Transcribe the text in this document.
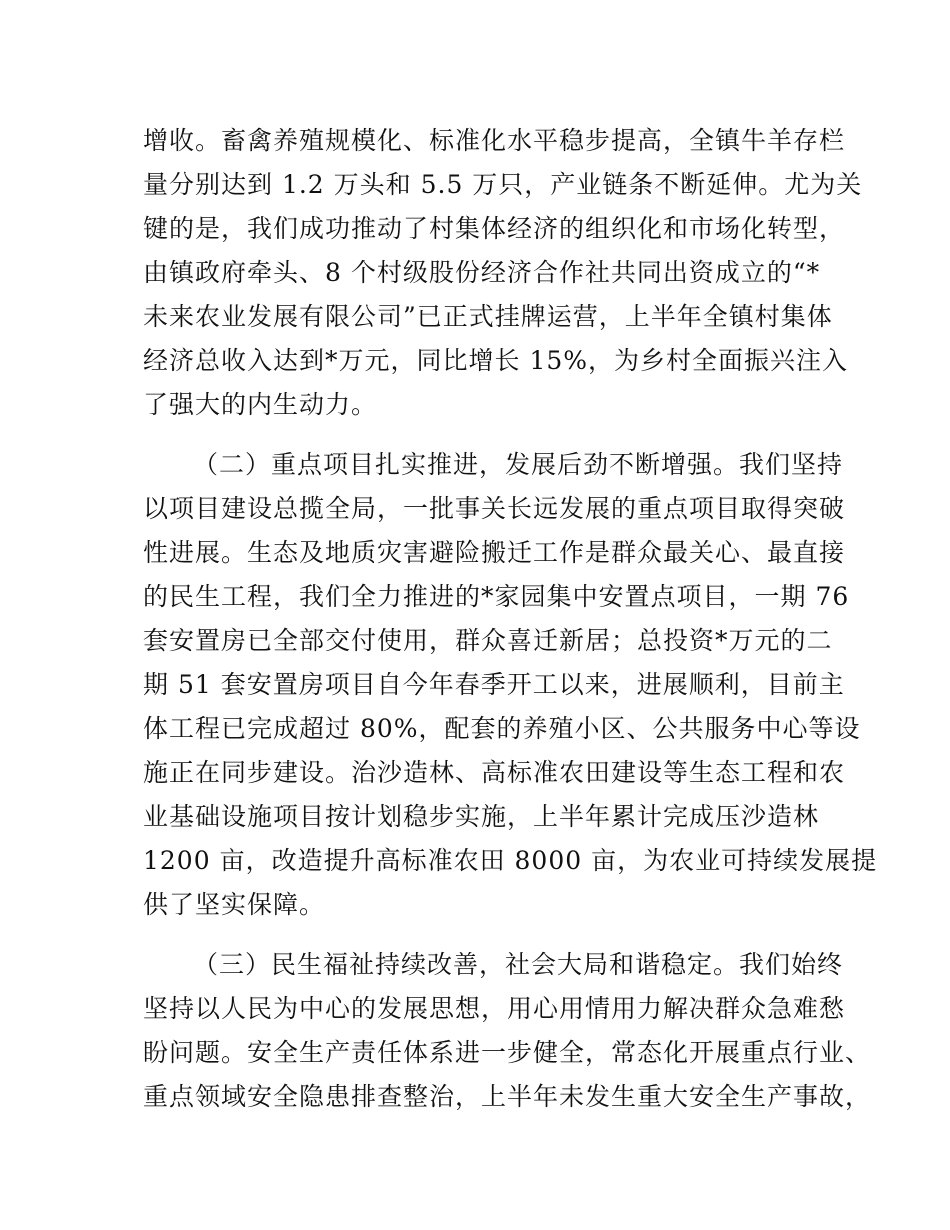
增收。畜禽养殖规模化、标准化水平稳步提高，全镇牛羊存栏
量分别达到 1.2 万头和 5.5 万只，产业链条不断延伸。尤为关
键的是，我们成功推动了村集体经济的组织化和市场化转型，
由镇政府牵头、8 个村级股份经济合作社共同出资成立的“*
未来农业发展有限公司”已正式挂牌运营，上半年全镇村集体
经济总收入达到*万元，同比增长 15%，为乡村全面振兴注入
了强大的内生动力。
（二）重点项目扎实推进，发展后劲不断增强。我们坚持
以项目建设总揽全局，一批事关长远发展的重点项目取得突破
性进展。生态及地质灾害避险搬迁工作是群众最关心、最直接
的民生工程，我们全力推进的*家园集中安置点项目，一期 76
套安置房已全部交付使用，群众喜迁新居；总投资*万元的二
期 51 套安置房项目自今年春季开工以来，进展顺利，目前主
体工程已完成超过 80%，配套的养殖小区、公共服务中心等设
施正在同步建设。治沙造林、高标准农田建设等生态工程和农
业基础设施项目按计划稳步实施，上半年累计完成压沙造林
1200 亩，改造提升高标准农田 8000 亩，为农业可持续发展提
供了坚实保障。
（三）民生福祉持续改善，社会大局和谐稳定。我们始终
坚持以人民为中心的发展思想，用心用情用力解决群众急难愁
盼问题。安全生产责任体系进一步健全，常态化开展重点行业、
重点领域安全隐患排查整治，上半年未发生重大安全生产事故，
